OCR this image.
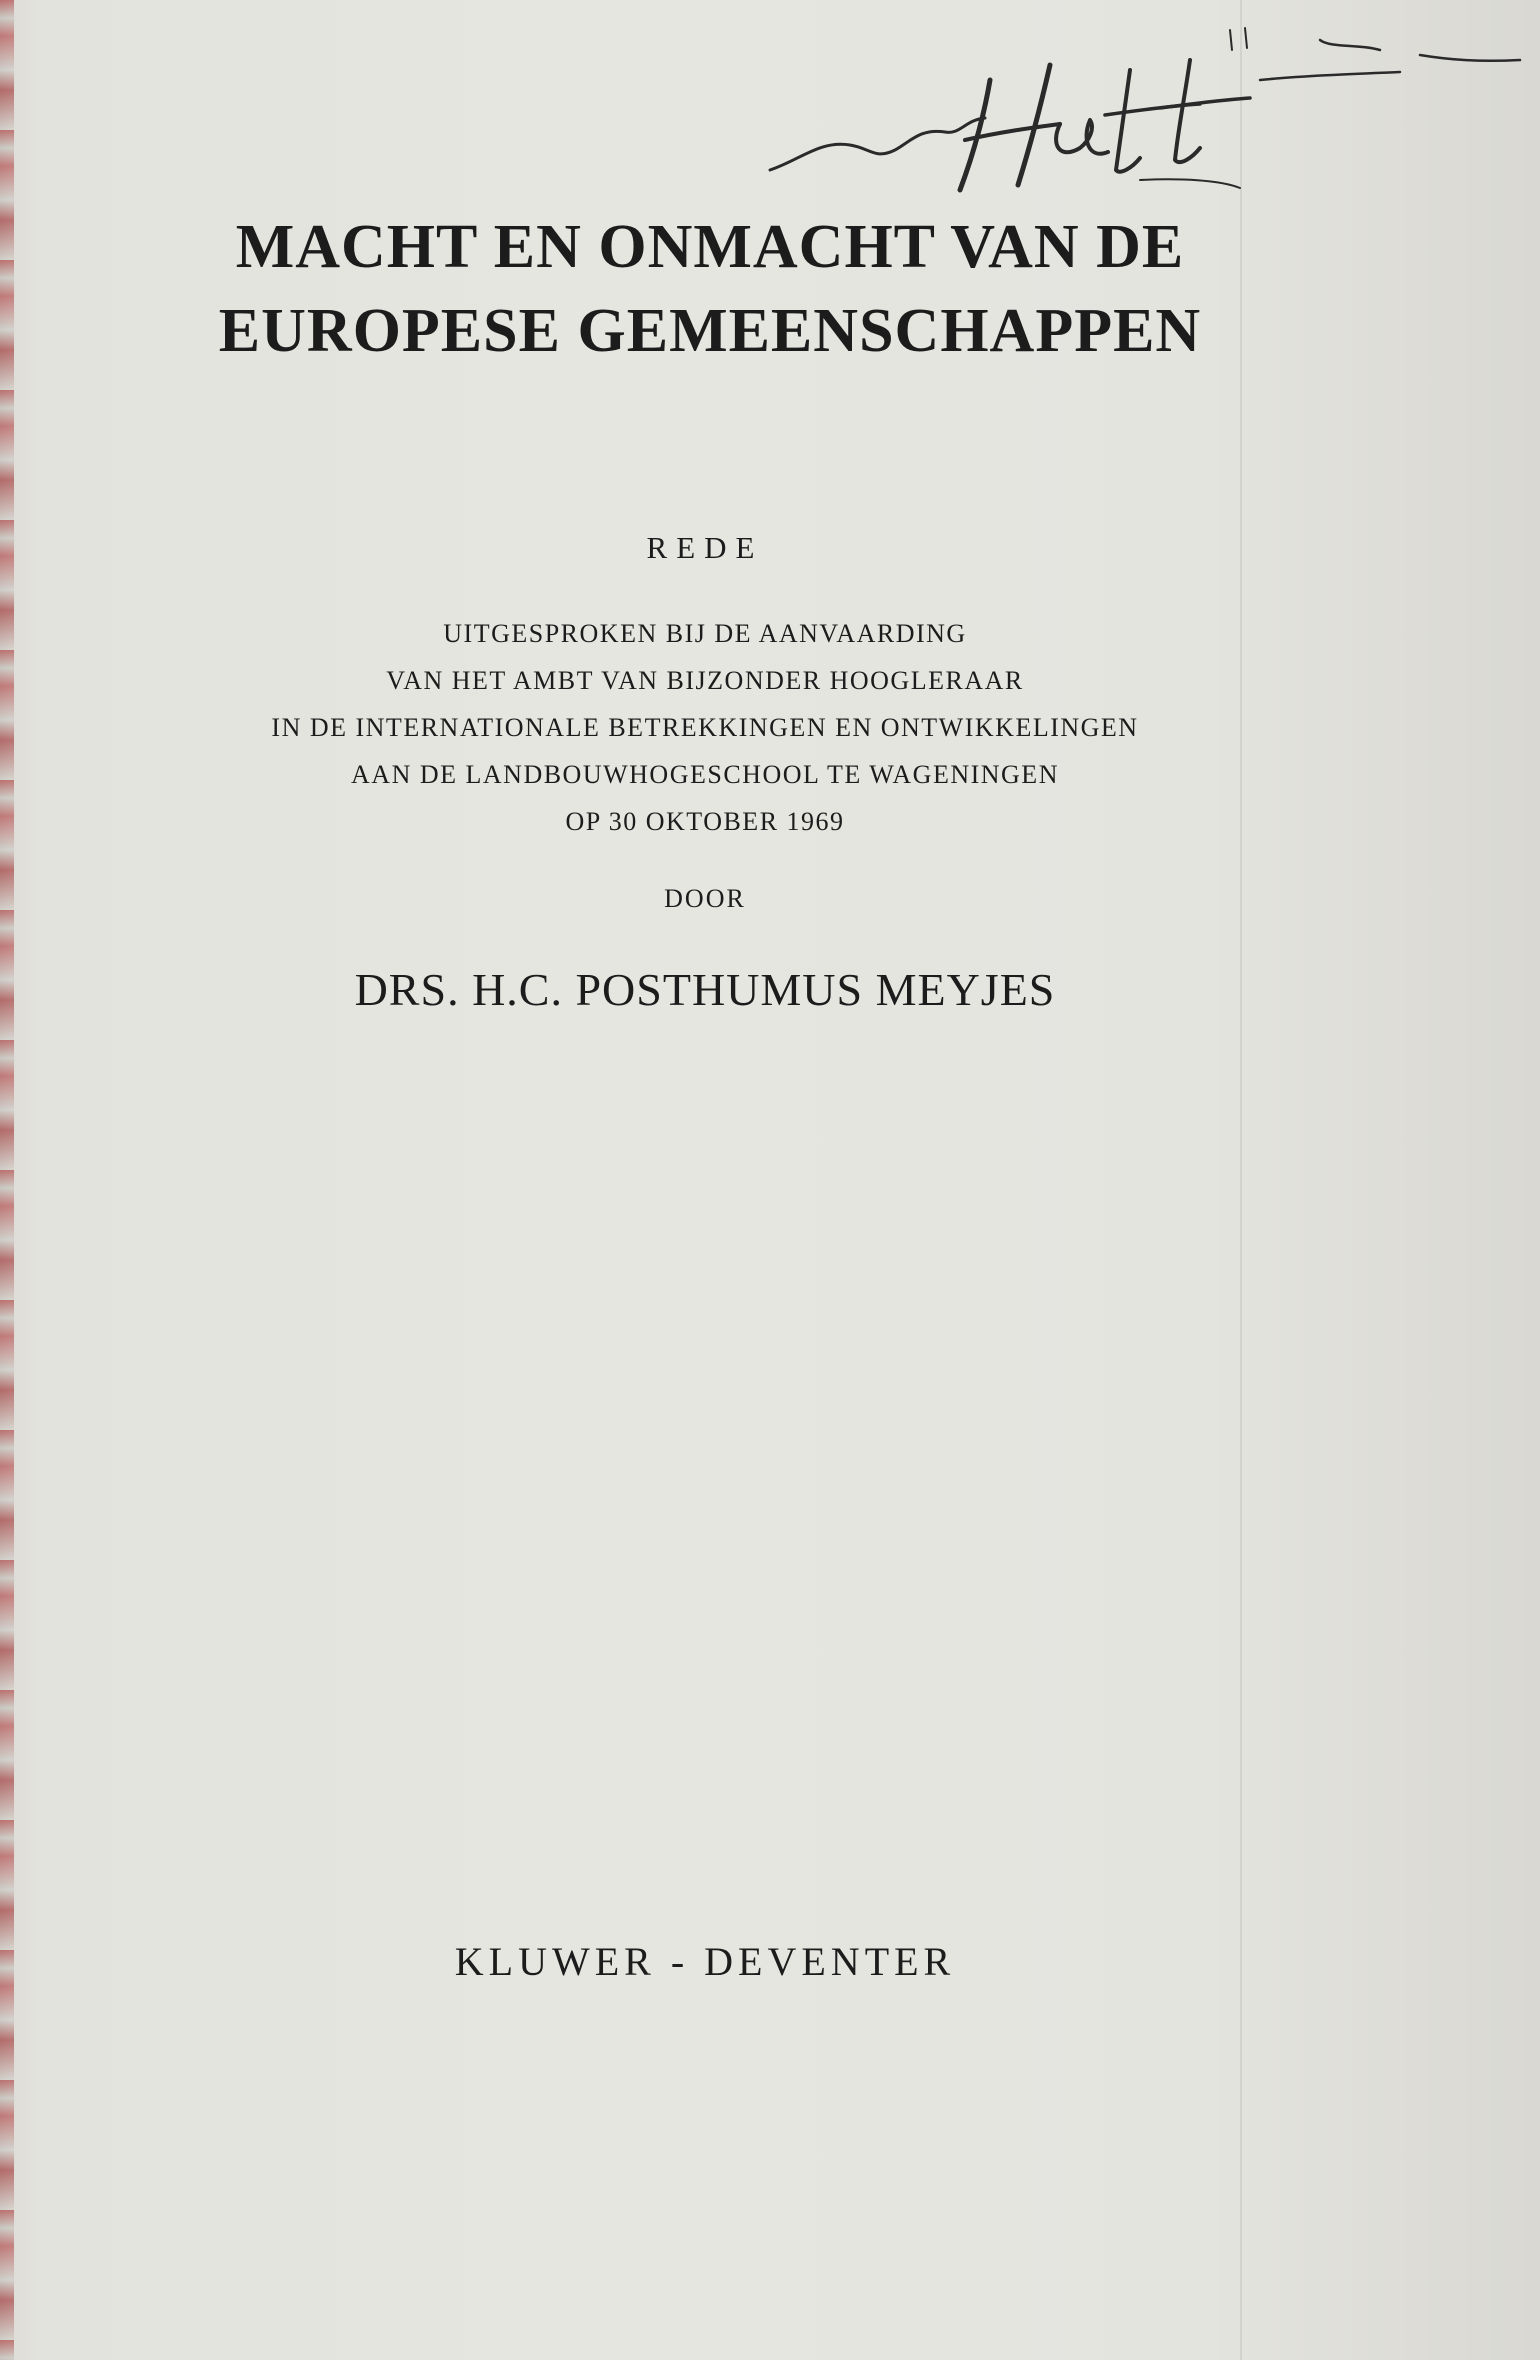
MACHT EN ONMACHT VAN DE
EUROPESE GEMEENSCHAPPEN
REDE
UITGESPROKEN BIJ DE AANVAARDING
VAN HET AMBT VAN BIJZONDER HOOGLERAAR
IN DE INTERNATIONALE BETREKKINGEN EN ONTWIKKELINGEN
AAN DE LANDBOUWHOGESCHOOL TE WAGENINGEN
OP 30 OKTOBER 1969
DOOR
DRS. H.C. POSTHUMUS MEYJES
KLUWER - DEVENTER
